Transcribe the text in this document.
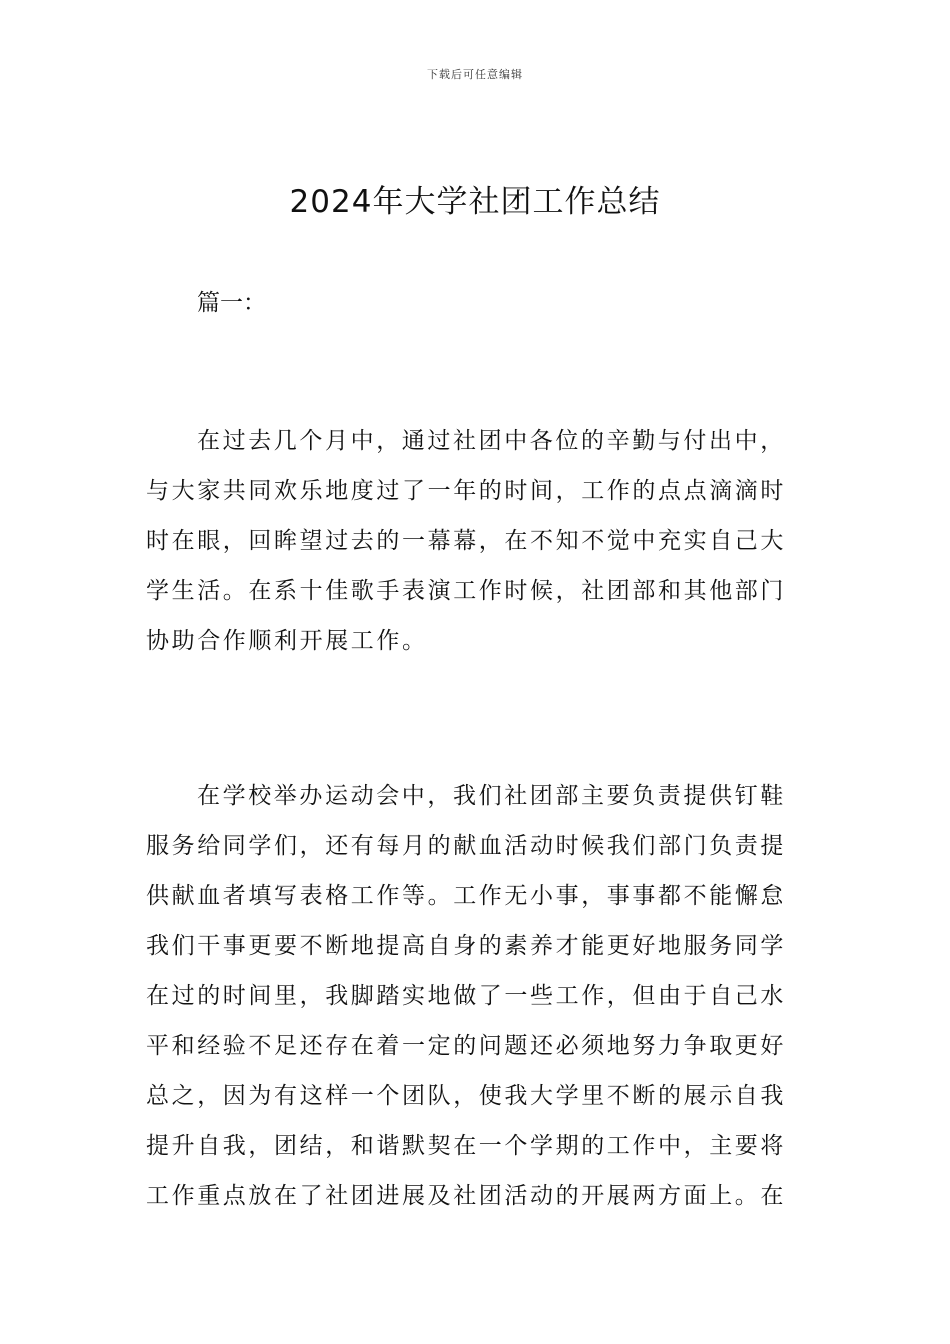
下载后可任意编辑
2024年大学社团工作总结

篇一：

在过去几个月中，通过社团中各位的辛勤与付出中，
与大家共同欢乐地度过了一年的时间，工作的点点滴滴时
时在眼，回眸望过去的一幕幕，在不知不觉中充实自己大
学生活。在系十佳歌手表演工作时候，社团部和其他部门
协助合作顺利开展工作。

在学校举办运动会中，我们社团部主要负责提供钉鞋
服务给同学们，还有每月的献血活动时候我们部门负责提
供献血者填写表格工作等。工作无小事，事事都不能懈怠
我们干事更要不断地提高自身的素养才能更好地服务同学
在过的时间里，我脚踏实地做了一些工作，但由于自己水
平和经验不足还存在着一定的问题还必须地努力争取更好
总之，因为有这样一个团队，使我大学里不断的展示自我
提升自我，团结，和谐默契在一个学期的工作中，主要将
工作重点放在了社团进展及社团活动的开展两方面上。在
